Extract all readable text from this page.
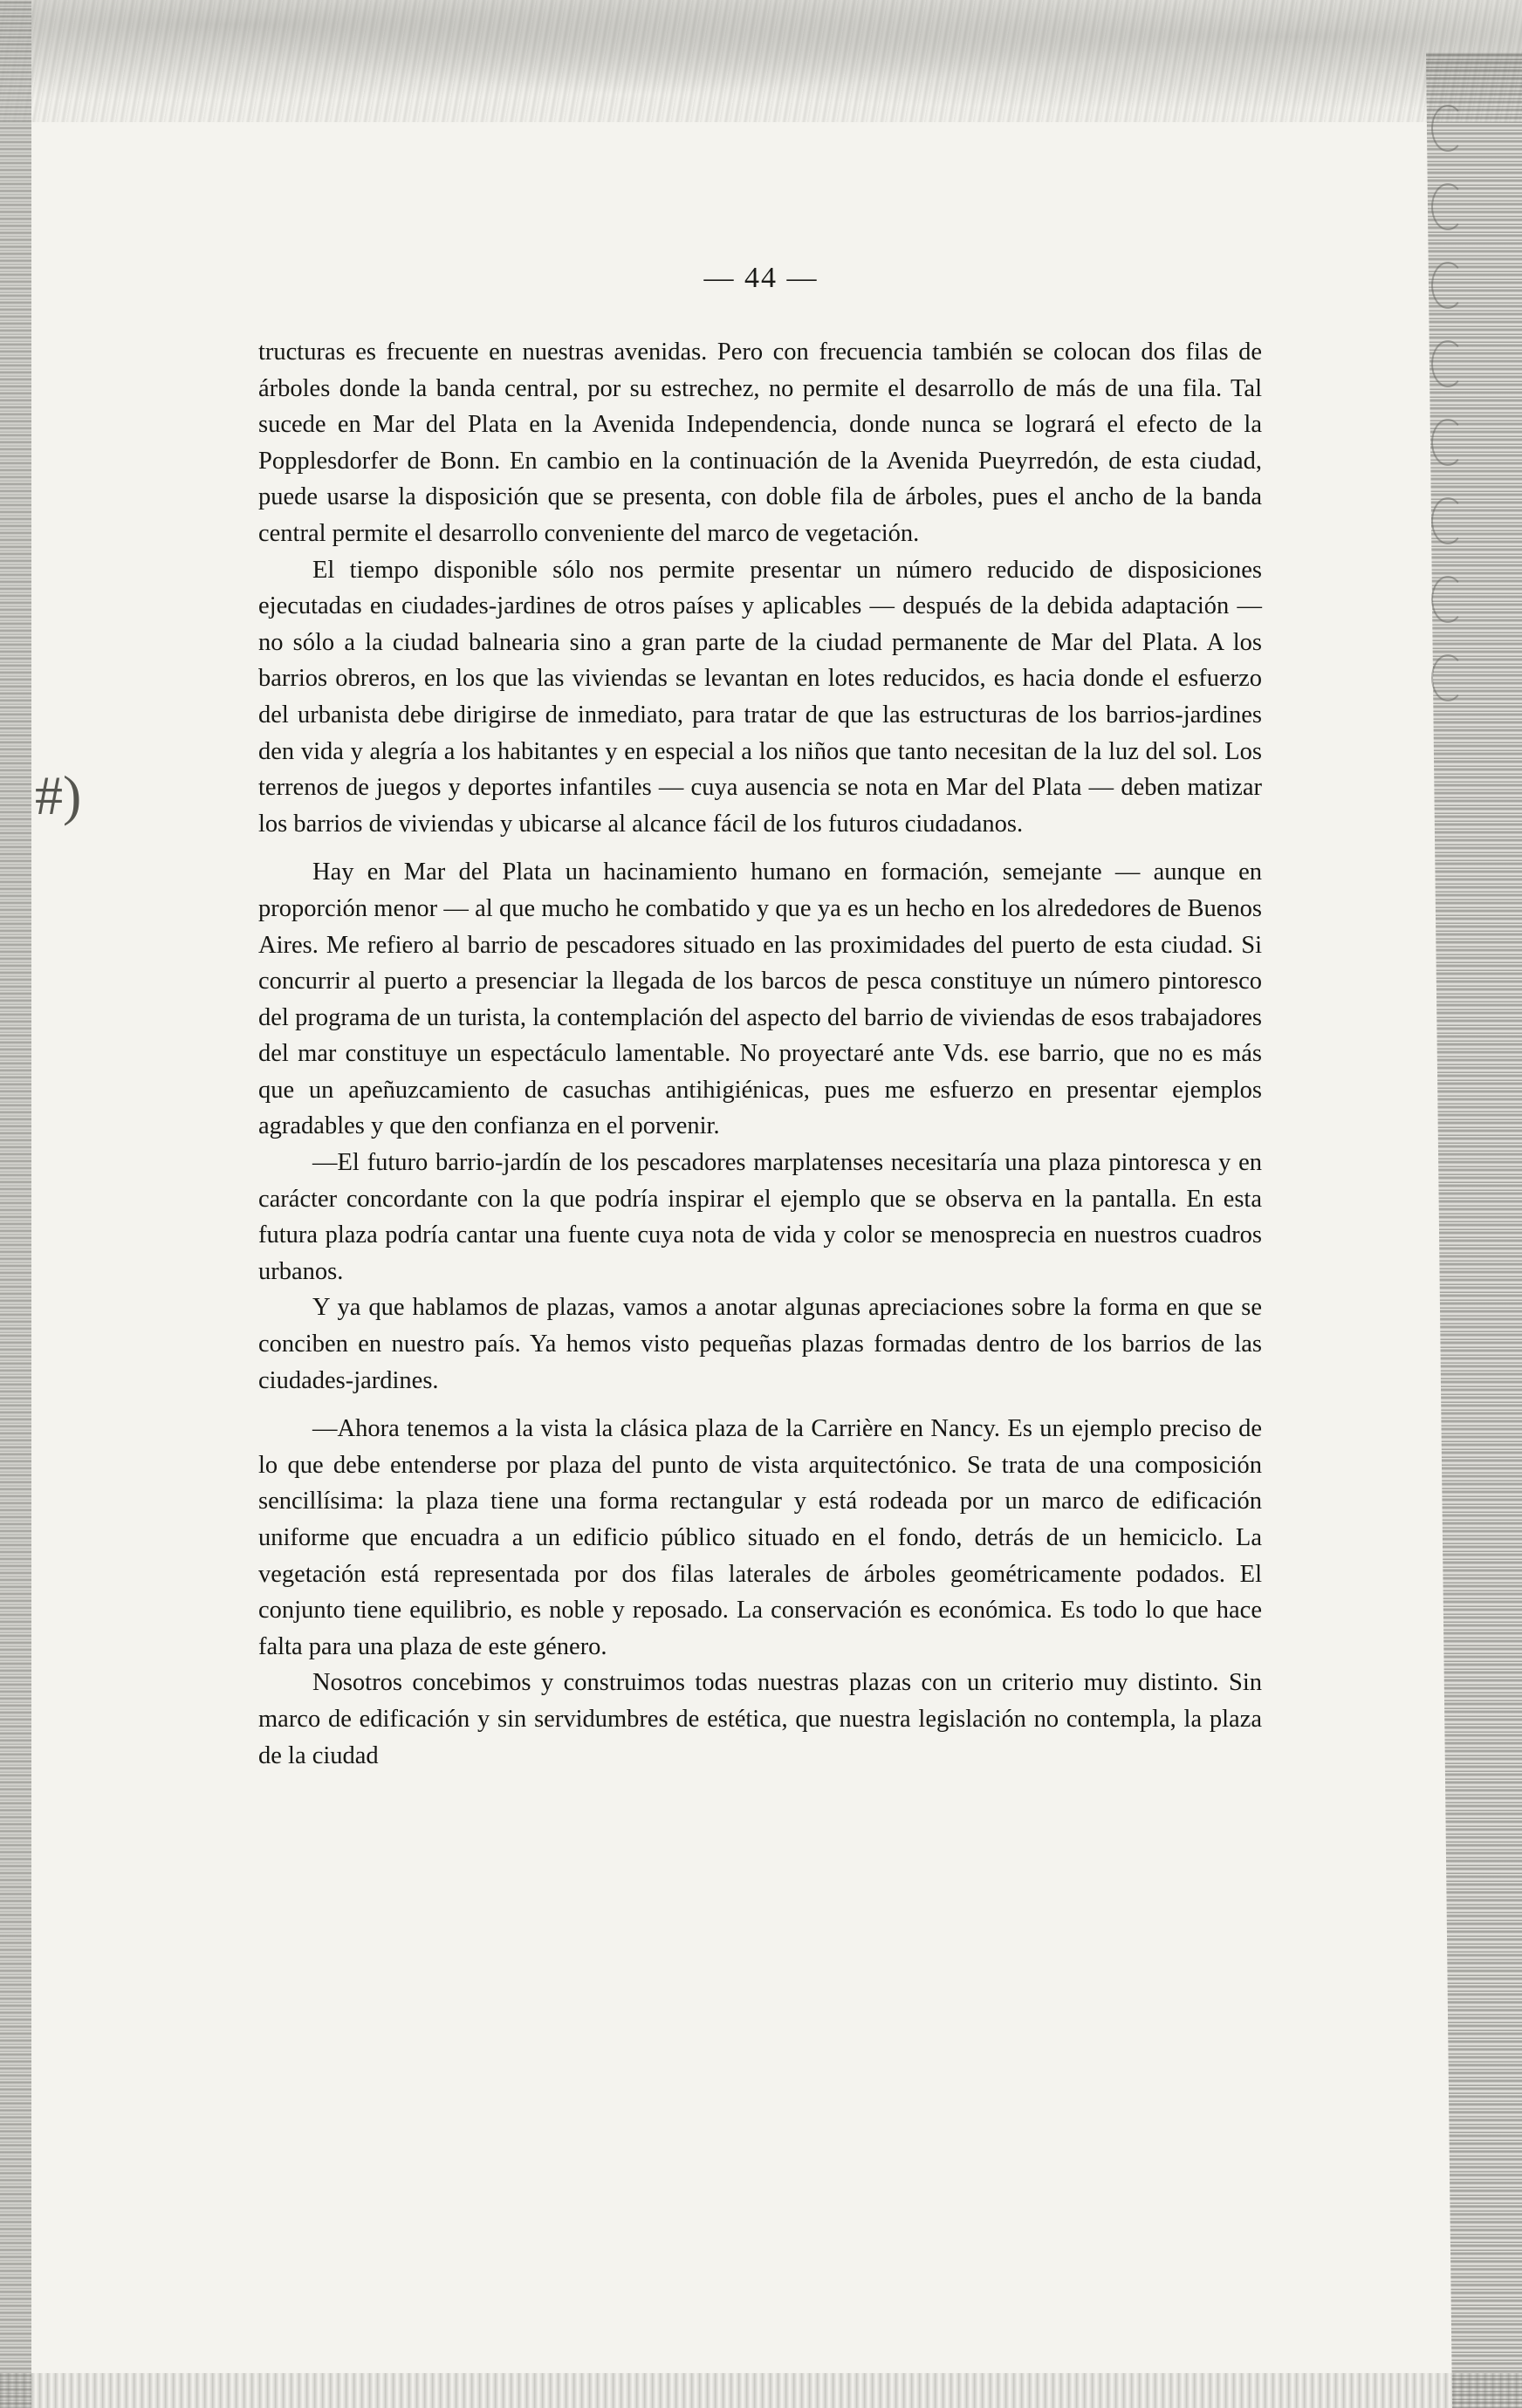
#)
— 44 —

tructuras es frecuente en nuestras avenidas. Pero con frecuencia también se colocan dos filas de árboles donde la banda central, por su estrechez, no permite el desarrollo de más de una fila. Tal sucede en Mar del Plata en la Avenida Independencia, donde nunca se logrará el efecto de la Popplesdorfer de Bonn. En cambio en la continuación de la Avenida Pueyrredón, de esta ciudad, puede usarse la disposición que se presenta, con doble fila de árboles, pues el ancho de la banda central permite el desarrollo conveniente del marco de vegetación.

El tiempo disponible sólo nos permite presentar un número reducido de disposiciones ejecutadas en ciudades-jardines de otros países y aplicables — después de la debida adaptación — no sólo a la ciudad balnearia sino a gran parte de la ciudad permanente de Mar del Plata. A los barrios obreros, en los que las viviendas se levantan en lotes reducidos, es hacia donde el esfuerzo del urbanista debe dirigirse de inmediato, para tratar de que las estructuras de los barrios-jardines den vida y alegría a los habitantes y en especial a los niños que tanto necesitan de la luz del sol. Los terrenos de juegos y deportes infantiles — cuya ausencia se nota en Mar del Plata — deben matizar los barrios de viviendas y ubicarse al alcance fácil de los futuros ciudadanos.

Hay en Mar del Plata un hacinamiento humano en formación, semejante — aunque en proporción menor — al que mucho he combatido y que ya es un hecho en los alrededores de Buenos Aires. Me refiero al barrio de pescadores situado en las proximidades del puerto de esta ciudad. Si concurrir al puerto a presenciar la llegada de los barcos de pesca constituye un número pintoresco del programa de un turista, la contemplación del aspecto del barrio de viviendas de esos trabajadores del mar constituye un espectáculo lamentable. No proyectaré ante Vds. ese barrio, que no es más que un apeñuzcamiento de casuchas antihigiénicas, pues me esfuerzo en presentar ejemplos agradables y que den confianza en el porvenir.

—El futuro barrio-jardín de los pescadores marplatenses necesitaría una plaza pintoresca y en carácter concordante con la que podría inspirar el ejemplo que se observa en la pantalla. En esta futura plaza podría cantar una fuente cuya nota de vida y color se menosprecia en nuestros cuadros urbanos.

Y ya que hablamos de plazas, vamos a anotar algunas apreciaciones sobre la forma en que se conciben en nuestro país. Ya hemos visto pequeñas plazas formadas dentro de los barrios de las ciudades-jardines.

—Ahora tenemos a la vista la clásica plaza de la Carrière en Nancy. Es un ejemplo preciso de lo que debe entenderse por plaza del punto de vista arquitectónico. Se trata de una composición sencillísima: la plaza tiene una forma rectangular y está rodeada por un marco de edificación uniforme que encuadra a un edificio público situado en el fondo, detrás de un hemiciclo. La vegetación está representada por dos filas laterales de árboles geométricamente podados. El conjunto tiene equilibrio, es noble y reposado. La conservación es económica. Es todo lo que hace falta para una plaza de este género.

Nosotros concebimos y construimos todas nuestras plazas con un criterio muy distinto. Sin marco de edificación y sin servidumbres de estética, que nuestra legislación no contempla, la plaza de la ciudad
